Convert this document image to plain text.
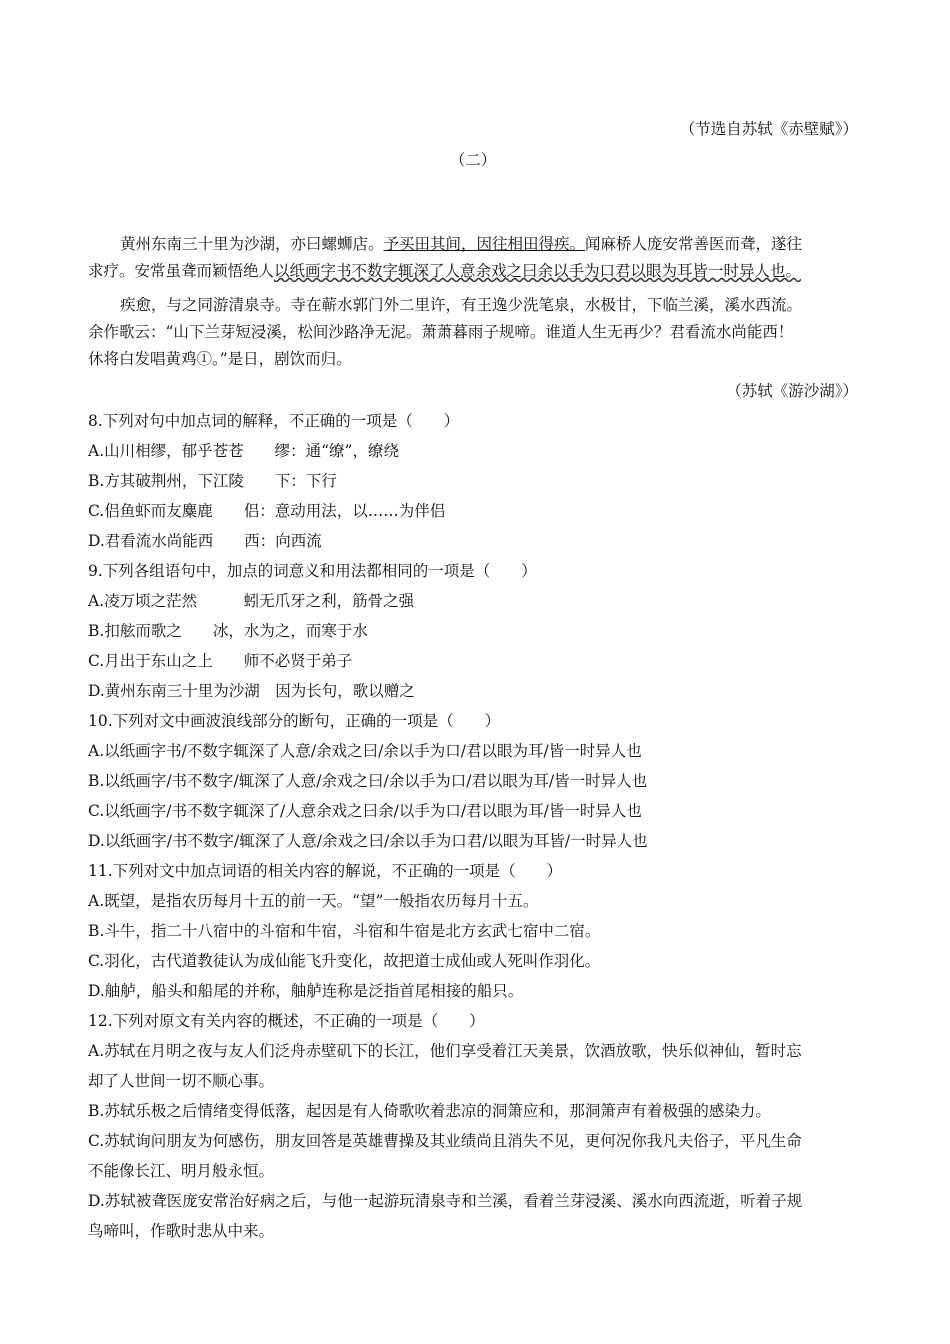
（节选自苏轼《赤壁赋》）
（二）
黄州东南三十里为沙湖，亦曰螺蛳店。予买田其间，因往相田得疾。闻麻桥人庞安常善医而聋，遂往
求疗。安常虽聋而颖悟绝人以纸画字书不数字辄深了人意余戏之曰余以手为口君以眼为耳皆一时异人也。
疾愈，与之同游清泉寺。寺在蕲水郭门外二里许，有王逸少洗笔泉，水极甘，下临兰溪，溪水西流。
余作歌云：“山下兰芽短浸溪，松间沙路净无泥。萧萧暮雨子规啼。谁道人生无再少？君看流水尚能西！
休将白发唱黄鸡①。”是日，剧饮而归。
（苏轼《游沙湖》）
8.下列对句中加点词的解释，不正确的一项是（　　）
A.山川相缪，郁乎苍苍　　缪：通“缭”，缭绕
B.方其破荆州，下江陵　　下：下行
C.侣鱼虾而友麋鹿　　侣：意动用法，以……为伴侣
D.君看流水尚能西　　西：向西流
9.下列各组语句中，加点的词意义和用法都相同的一项是（　　）
A.凌万顷之茫然　　　蚓无爪牙之利，筋骨之强
B.扣舷而歌之　　冰，水为之，而寒于水
C.月出于东山之上　　师不必贤于弟子
D.黄州东南三十里为沙湖　因为长句，歌以赠之
10.下列对文中画波浪线部分的断句，正确的一项是（　　）
A.以纸画字书/不数字辄深了人意/余戏之曰/余以手为口/君以眼为耳/皆一时异人也
B.以纸画字/书不数字/辄深了人意/余戏之曰/余以手为口/君以眼为耳/皆一时异人也
C.以纸画字/书不数字辄深了/人意余戏之曰余/以手为口/君以眼为耳/皆一时异人也
D.以纸画字/书不数字/辄深了人意/余戏之曰/余以手为口君/以眼为耳皆/一时异人也
11.下列对文中加点词语的相关内容的解说，不正确的一项是（　　）
A.既望，是指农历每月十五的前一天。“望”一般指农历每月十五。
B.斗牛，指二十八宿中的斗宿和牛宿，斗宿和牛宿是北方玄武七宿中二宿。
C.羽化，古代道教徒认为成仙能飞升变化，故把道士成仙或人死叫作羽化。
D.舳舻，船头和船尾的并称，舳舻连称是泛指首尾相接的船只。
12.下列对原文有关内容的概述，不正确的一项是（　　）
A.苏轼在月明之夜与友人们泛舟赤壁矶下的长江，他们享受着江天美景，饮酒放歌，快乐似神仙，暂时忘
却了人世间一切不顺心事。
B.苏轼乐极之后情绪变得低落，起因是有人倚歌吹着悲凉的洞箫应和，那洞箫声有着极强的感染力。
C.苏轼询问朋友为何感伤，朋友回答是英雄曹操及其业绩尚且消失不见，更何况你我凡夫俗子，平凡生命
不能像长江、明月般永恒。
D.苏轼被聋医庞安常治好病之后，与他一起游玩清泉寺和兰溪，看着兰芽浸溪、溪水向西流逝，听着子规
鸟啼叫，作歌时悲从中来。
